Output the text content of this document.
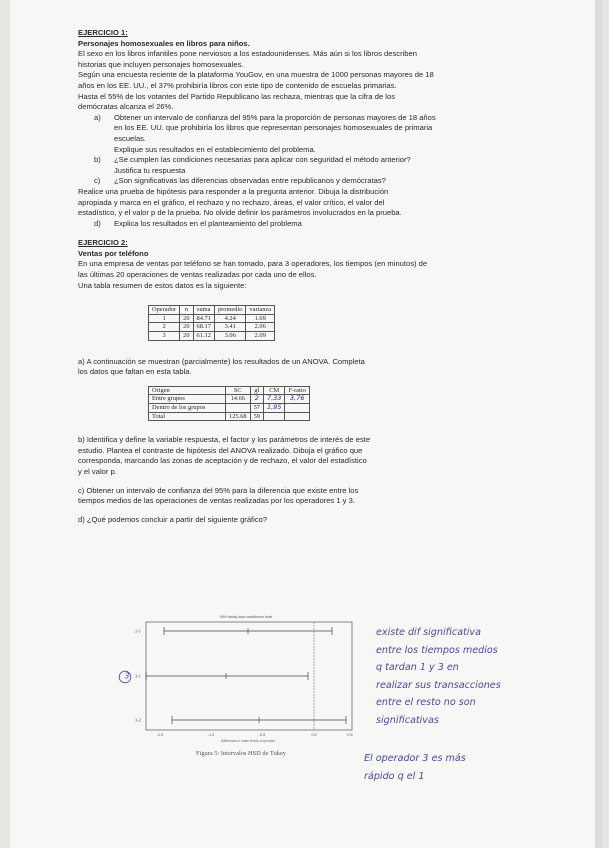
EJERCICIO 1:

Personajes homosexuales en libros para niños.

El sexo en los libros infantiles pone nerviosos a los estadounidenses. Más aún si los libros describen

historias que incluyen personajes homosexuales.

Según una encuesta reciente de la plataforma YouGov, en una muestra de 1000 personas mayores de 18

años en los EE. UU., el 37% prohibiría libros con este tipo de contenido de escuelas primarias.

Hasta el 55% de los votantes del Partido Republicano las rechaza, mientras que la cifra de los

demócratas alcanza el 26%.

a) Obtener un intervalo de confianza del 95% para la proporción de personas mayores de 18 años

en los EE. UU. que prohibiría los libros que representan personajes homosexuales de primaria

escuelas.

Explique sus resultados en el establecimiento del problema.

b) ¿Se cumplen las condiciones necesarias para aplicar con seguridad el método anterior?

Justifica tu respuesta

c) ¿Son significativas las diferencias observadas entre republicanos y demócratas?

Realice una prueba de hipótesis para responder a la pregunta anterior. Dibuja la distribución

apropiada y marca en el gráfico, el rechazo y no rechazo, áreas, el valor crítico, el valor del

estadístico, y el valor p de la prueba. No olvide definir los parámetros involucrados en la prueba.

d) Explica los resultados en el planteamiento del problema

EJERCICIO 2:

Ventas por teléfono

En una empresa de ventas por teléfono se han tomado, para 3 operadores, los tiempos (en minutos) de

las últimas 20 operaciones de ventas realizadas por cada uno de ellos.

Una tabla resumen de estos datos es la siguiente:

Operador	n	suma	promedio	varianza
1	20	84.71	4.24	1.69
2	20	68.17	3.41	2.06
3	20	61.12	3.06	2.09

a) A continuación se muestran (parcialmente) los resultados de un ANOVA. Completa

los datos que faltan en esta tabla.

Origen	SC	gl	CM	F-ratio
Entre grupos	14.66	2	7,33	3,76
Dentro de los grupos		57	1,95	
Total	125.68	59		

b) Identifica y define la variable respuesta, el factor y los parámetros de interés de este

estudio. Plantea el contraste de hipótesis del ANOVA realizado. Dibuja el gráfico que

corresponda, marcando las zonas de aceptación y de rechazo, el valor del estadístico

y el valor p.

c) Obtener un intervalo de confianza del 95% para la diferencia que existe entre los

tiempos medios de las operaciones de ventas realizadas por los operadores 1 y 3.

d) ¿Qué podemos concluir a partir del siguiente gráfico?

95% family-wise confidence level
2-1
3-1
3-2
3
-1.5	-1.0	-0.5	0.0	0.5
Differences in mean levels of operador
Figura 5: Intervalos HSD de Tukey
existe dif significativa
entre los tiempos medios
q tardan 1 y 3 en
realizar sus transacciones
entre el resto no son
significativas
El operador 3 es más
rápido q el 1
